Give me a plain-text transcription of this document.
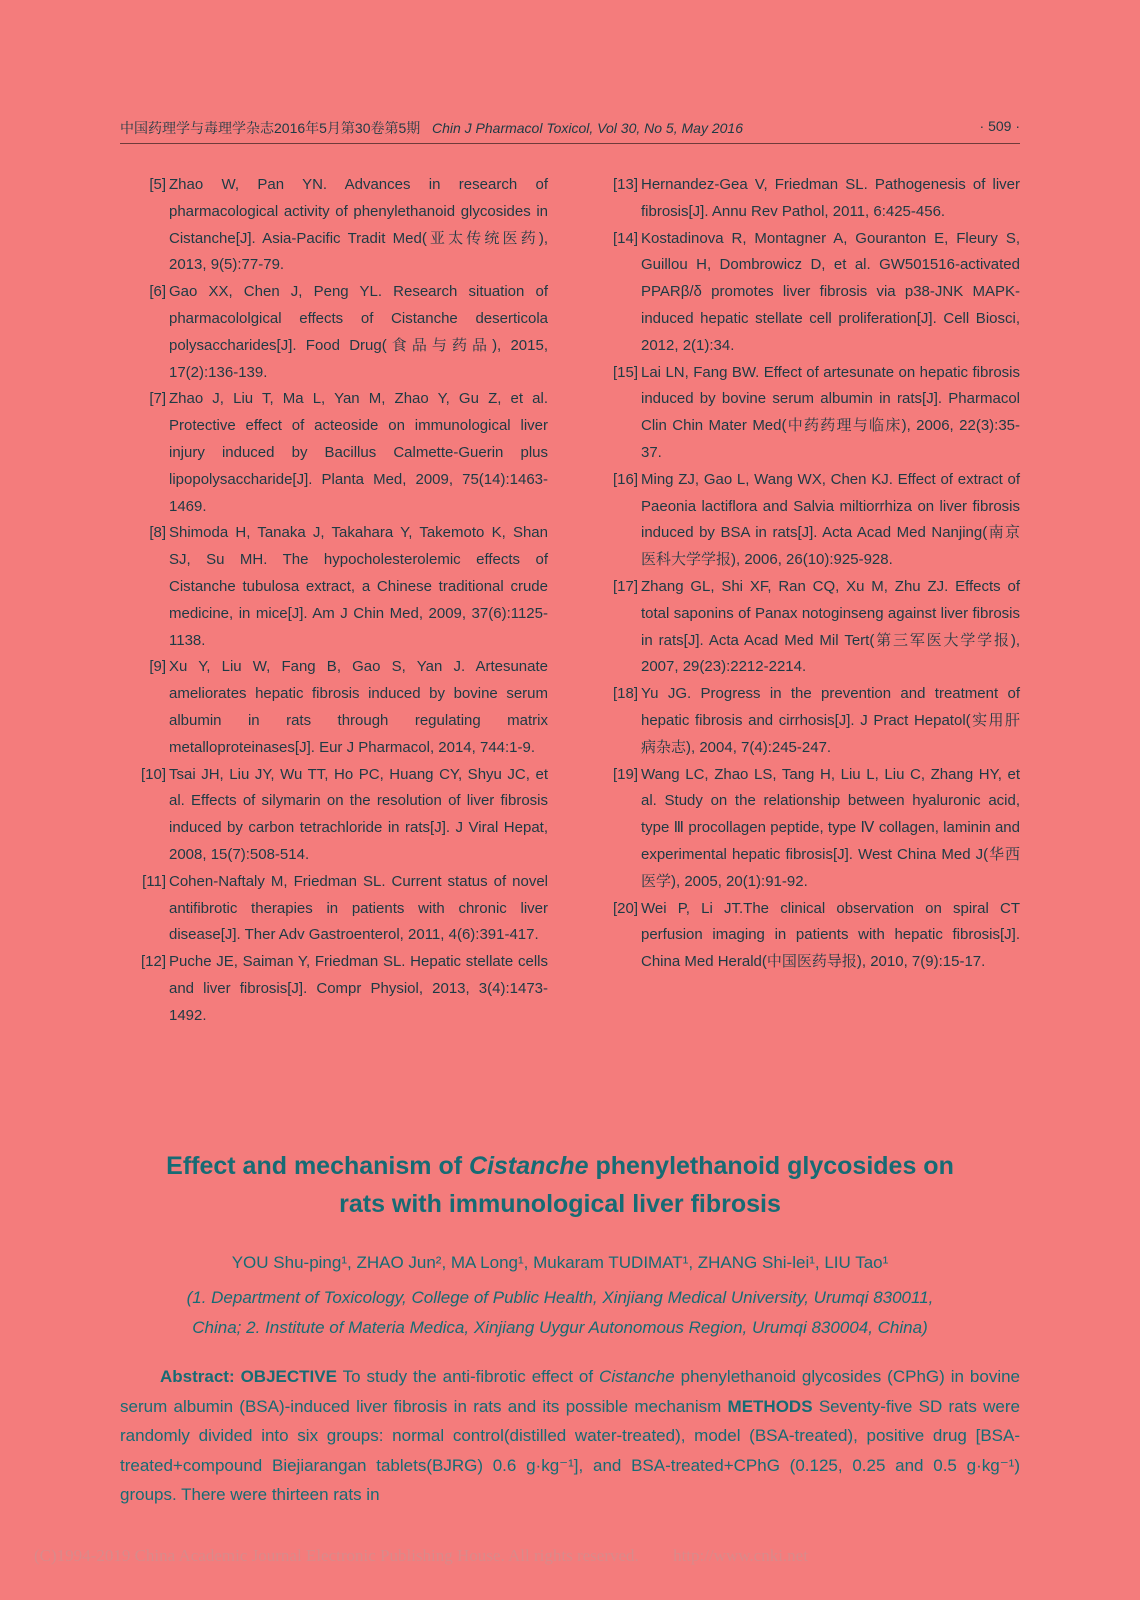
中国药理学与毒理学杂志2016年5月第30卷第5期 Chin J Pharmacol Toxicol, Vol 30, No 5, May 2016	· 509 ·
[5] Zhao W, Pan YN. Advances in research of pharmacological activity of phenylethanoid glycosides in Cistanche[J]. Asia-Pacific Tradit Med(亚太传统医药), 2013, 9(5):77-79.
[6] Gao XX, Chen J, Peng YL. Research situation of pharmacololgical effects of Cistanche deserticola polysaccharides[J]. Food Drug(食品与药品), 2015, 17(2):136-139.
[7] Zhao J, Liu T, Ma L, Yan M, Zhao Y, Gu Z, et al. Protective effect of acteoside on immunological liver injury induced by Bacillus Calmette-Guerin plus lipopolysaccharide[J]. Planta Med, 2009, 75(14):1463-1469.
[8] Shimoda H, Tanaka J, Takahara Y, Takemoto K, Shan SJ, Su MH. The hypocholesterolemic effects of Cistanche tubulosa extract, a Chinese traditional crude medicine, in mice[J]. Am J Chin Med, 2009, 37(6):1125-1138.
[9] Xu Y, Liu W, Fang B, Gao S, Yan J. Artesunate ameliorates hepatic fibrosis induced by bovine serum albumin in rats through regulating matrix metalloproteinases[J]. Eur J Pharmacol, 2014, 744:1-9.
[10] Tsai JH, Liu JY, Wu TT, Ho PC, Huang CY, Shyu JC, et al. Effects of silymarin on the resolution of liver fibrosis induced by carbon tetrachloride in rats[J]. J Viral Hepat, 2008, 15(7):508-514.
[11] Cohen-Naftaly M, Friedman SL. Current status of novel antifibrotic therapies in patients with chronic liver disease[J]. Ther Adv Gastroenterol, 2011, 4(6):391-417.
[12] Puche JE, Saiman Y, Friedman SL. Hepatic stellate cells and liver fibrosis[J]. Compr Physiol, 2013, 3(4):1473-1492.
[13] Hernandez-Gea V, Friedman SL. Pathogenesis of liver fibrosis[J]. Annu Rev Pathol, 2011, 6:425-456.
[14] Kostadinova R, Montagner A, Gouranton E, Fleury S, Guillou H, Dombrowicz D, et al. GW501516-activated PPARβ/δ promotes liver fibrosis via p38-JNK MAPK-induced hepatic stellate cell proliferation[J]. Cell Biosci, 2012, 2(1):34.
[15] Lai LN, Fang BW. Effect of artesunate on hepatic fibrosis induced by bovine serum albumin in rats[J]. Pharmacol Clin Chin Mater Med(中药药理与临床), 2006, 22(3):35-37.
[16] Ming ZJ, Gao L, Wang WX, Chen KJ. Effect of extract of Paeonia lactiflora and Salvia miltiorrhiza on liver fibrosis induced by BSA in rats[J]. Acta Acad Med Nanjing(南京医科大学学报), 2006, 26(10):925-928.
[17] Zhang GL, Shi XF, Ran CQ, Xu M, Zhu ZJ. Effects of total saponins of Panax notoginseng against liver fibrosis in rats[J]. Acta Acad Med Mil Tert(第三军医大学学报), 2007, 29(23):2212-2214.
[18] Yu JG. Progress in the prevention and treatment of hepatic fibrosis and cirrhosis[J]. J Pract Hepatol(实用肝病杂志), 2004, 7(4):245-247.
[19] Wang LC, Zhao LS, Tang H, Liu L, Liu C, Zhang HY, et al. Study on the relationship between hyaluronic acid, type Ⅲ procollagen peptide, type Ⅳ collagen, laminin and experimental hepatic fibrosis[J]. West China Med J(华西医学), 2005, 20(1):91-92.
[20] Wei P, Li JT.The clinical observation on spiral CT perfusion imaging in patients with hepatic fibrosis[J]. China Med Herald(中国医药导报), 2010, 7(9):15-17.
Effect and mechanism of Cistanche phenylethanoid glycosides on
rats with immunological liver fibrosis
YOU Shu-ping¹, ZHAO Jun², MA Long¹, Mukaram TUDIMAT¹, ZHANG Shi-lei¹, LIU Tao¹
(1. Department of Toxicology, College of Public Health, Xinjiang Medical University, Urumqi 830011,
China; 2. Institute of Materia Medica, Xinjiang Uygur Autonomous Region, Urumqi 830004, China)
Abstract: OBJECTIVE To study the anti-fibrotic effect of Cistanche phenylethanoid glycosides (CPhG) in bovine serum albumin (BSA)-induced liver fibrosis in rats and its possible mechanism METHODS Seventy-five SD rats were randomly divided into six groups: normal control(distilled water-treated), model (BSA-treated), positive drug [BSA-treated+compound Biejiarangan tablets(BJRG) 0.6 g·kg⁻¹], and BSA-treated+CPhG (0.125, 0.25 and 0.5 g·kg⁻¹) groups. There were thirteen rats in
(C)1994-2019 China Academic Journal Electronic Publishing House. All rights reserved. http://www.cnki.net
